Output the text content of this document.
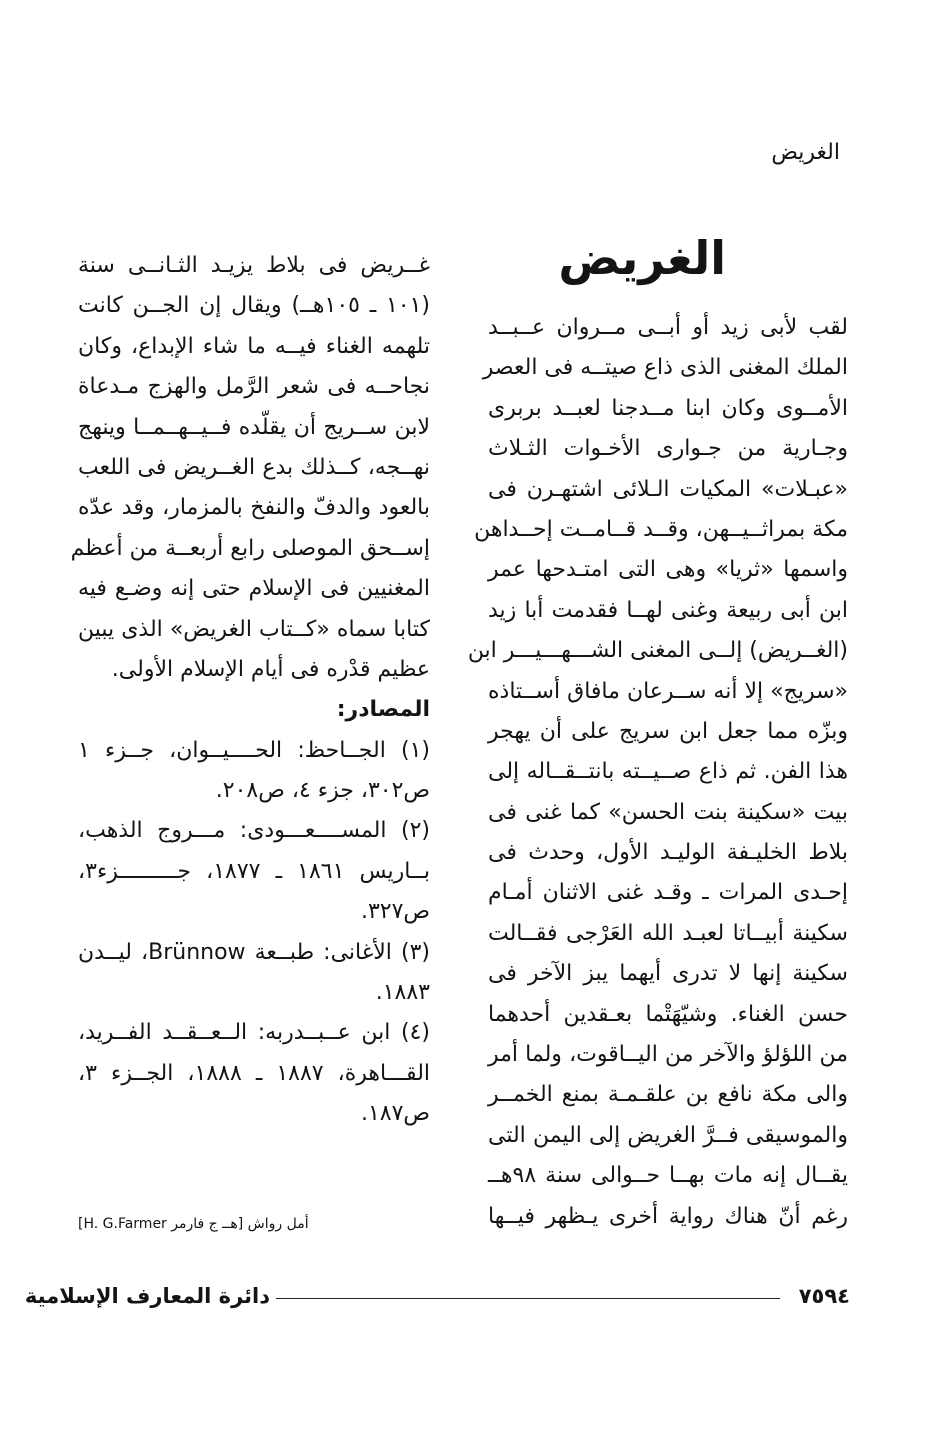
الغريض
الغريض
لقب لأبى زيد أو أبــى مــروان عــبــد
الملك المغنى الذى ذاع صيتــه فى العصر
الأمــوى وكان ابنا مــدجنا لعبــد بربرى
وجـارية من جـوارى الأخـوات الثـلاث
«عبـلات» المكيات الـلائى اشتهـرن فى
مكة بمراثــيــهن، وقــد قــامــت إحــداهن
واسمها «ثريا» وهى التى امتـدحها عمر
ابن أبى ربيعة وغنى لهــا فقدمت أبا زيد
(الغــريض) إلــى المغنى الشـــهـــيـــر ابن
«سريج» إلا أنه ســرعان مافاق أســتاذه
وبزّه مما جعل ابن سريج على أن يهجر
هذا الفن. ثم ذاع صــيــته بانتــقــاله إلى
بيت «سكينة بنت الحسن» كما غنى فى
بلاط الخليـفة الوليـد الأول، وحدث فى
إحـدى المرات ـ وقـد غنى الاثنان أمـام
سكينة أبيــاتا لعبـد الله العَرْجى فقــالت
سكينة إنها لا تدرى أيهما يبز الآخر فى
حسن الغناء. وشيّهَتْما بعـقدين أحدهما
من اللؤلؤ والآخر من اليــاقوت، ولما أمر
والى مكة نافع بن علقـمـة بمنع الخمــر
والموسيقى فــرَّ الغريض إلى اليمن التى
يقــال إنه مات بهــا حــوالى سنة ٩٨هــ
رغم أنّ هناك رواية أخرى يـظهر فيــها
غــريض فى بلاط يزيـد الثـانــى سنة
(١٠١ ـ ١٠٥هــ) ويقال إن الجــن كانت
تلهمه الغناء فيــه ما شاء الإبداع، وكان
نجاحــه فى شعر الرَّمل والهزج مـدعاة
لابن ســريج أن يقلّده فــيــهــمــا وينهج
نهــجه، كــذلك بدع الغــريض فى اللعب
بالعود والدفّ والنفخ بالمزمار، وقد عدّه
إســحق الموصلى رابع أربعــة من أعظم
المغنيين فى الإسلام حتى إنه وضـع فيه
كتابا سماه «كــتاب الغريض» الذى يبين
عظيم قدْره فى أيام الإسلام الأولى.
المصادر:
(١) الجــاحظ: الحــــيــوان، جــزء ١
ص٣٠٢، جزء ٤، ص٢٠٨.
(٢) المســــعـــودى: مـــروج الذهب،
بــاريس ١٨٦١ ـ ١٨٧٧، جـــــــــزء٣،
ص٣٢٧.
(٣) الأغانى: طبــعة Brünnow، ليــدن
١٨٨٣.
(٤) ابن عــبــدربه: الــعــقــد الفــريد،
القـــاهرة، ١٨٨٧ ـ ١٨٨٨، الجــزء ٣،
ص١٨٧.
أمل رواش [هــ ج فارمر H. G.Farmer]
٧٥٩٤
دائرة المعارف الإسلامية
